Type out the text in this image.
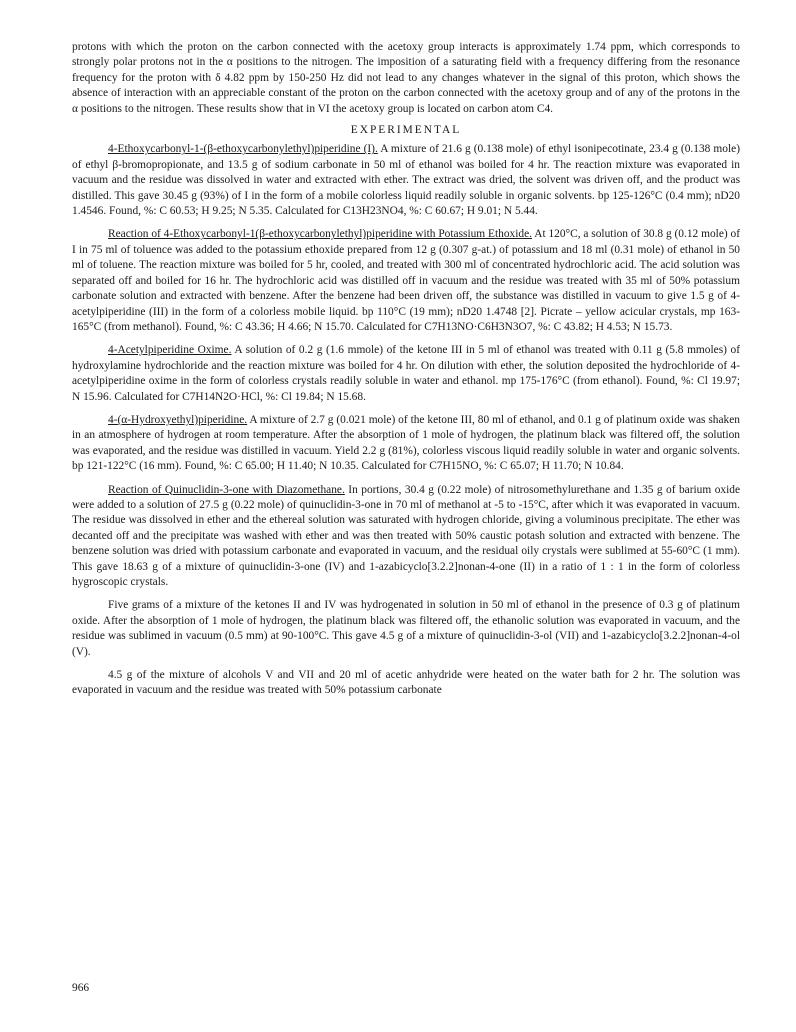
protons with which the proton on the carbon connected with the acetoxy group interacts is approximately 1.74 ppm, which corresponds to strongly polar protons not in the α positions to the nitrogen. The imposition of a saturating field with a frequency differing from the resonance frequency for the proton with δ 4.82 ppm by 150-250 Hz did not lead to any changes whatever in the signal of this proton, which shows the absence of interaction with an appreciable constant of the proton on the carbon connected with the acetoxy group and of any of the protons in the α positions to the nitrogen. These results show that in VI the acetoxy group is located on carbon atom C4.

EXPERIMENTAL

4-Ethoxycarbonyl-1-(β-ethoxycarbonylethyl)piperidine (I). A mixture of 21.6 g (0.138 mole) of ethyl isonipecotinate, 23.4 g (0.138 mole) of ethyl β-bromopropionate, and 13.5 g of sodium carbonate in 50 ml of ethanol was boiled for 4 hr. The reaction mixture was evaporated in vacuum and the residue was dissolved in water and extracted with ether. The extract was dried, the solvent was driven off, and the product was distilled. This gave 30.45 g (93%) of I in the form of a mobile colorless liquid readily soluble in organic solvents. bp 125-126°C (0.4 mm); nD20 1.4546. Found, %: C 60.53; H 9.25; N 5.35. Calculated for C13H23NO4, %: C 60.67; H 9.01; N 5.44.

Reaction of 4-Ethoxycarbonyl-1(β-ethoxycarbonylethyl)piperidine with Potassium Ethoxide. At 120°C, a solution of 30.8 g (0.12 mole) of I in 75 ml of toluence was added to the potassium ethoxide prepared from 12 g (0.307 g-at.) of potassium and 18 ml (0.31 mole) of ethanol in 50 ml of toluene. The reaction mixture was boiled for 5 hr, cooled, and treated with 300 ml of concentrated hydrochloric acid. The acid solution was separated off and boiled for 16 hr. The hydrochloric acid was distilled off in vacuum and the residue was treated with 35 ml of 50% potassium carbonate solution and extracted with benzene. After the benzene had been driven off, the substance was distilled in vacuum to give 1.5 g of 4-acetylpiperidine (III) in the form of a colorless mobile liquid. bp 110°C (19 mm); nD20 1.4748 [2]. Picrate – yellow acicular crystals, mp 163-165°C (from methanol). Found, %: C 43.36; H 4.66; N 15.70. Calculated for C7H13NO·C6H3N3O7, %: C 43.82; H 4.53; N 15.73.

4-Acetylpiperidine Oxime. A solution of 0.2 g (1.6 mmole) of the ketone III in 5 ml of ethanol was treated with 0.11 g (5.8 mmoles) of hydroxylamine hydrochloride and the reaction mixture was boiled for 4 hr. On dilution with ether, the solution deposited the hydrochloride of 4-acetylpiperidine oxime in the form of colorless crystals readily soluble in water and ethanol. mp 175-176°C (from ethanol). Found, %: Cl 19.97; N 15.96. Calculated for C7H14N2O·HCl, %: Cl 19.84; N 15.68.

4-(α-Hydroxyethyl)piperidine. A mixture of 2.7 g (0.021 mole) of the ketone III, 80 ml of ethanol, and 0.1 g of platinum oxide was shaken in an atmosphere of hydrogen at room temperature. After the absorption of 1 mole of hydrogen, the platinum black was filtered off, the solution was evaporated, and the residue was distilled in vacuum. Yield 2.2 g (81%), colorless viscous liquid readily soluble in water and organic solvents. bp 121-122°C (16 mm). Found, %: C 65.00; H 11.40; N 10.35. Calculated for C7H15NO, %: C 65.07; H 11.70; N 10.84.

Reaction of Quinuclidin-3-one with Diazomethane. In portions, 30.4 g (0.22 mole) of nitrosomethylurethane and 1.35 g of barium oxide were added to a solution of 27.5 g (0.22 mole) of quinuclidin-3-one in 70 ml of methanol at -5 to -15°C, after which it was evaporated in vacuum. The residue was dissolved in ether and the ethereal solution was saturated with hydrogen chloride, giving a voluminous precipitate. The ether was decanted off and the precipitate was washed with ether and was then treated with 50% caustic potash solution and extracted with benzene. The benzene solution was dried with potassium carbonate and evaporated in vacuum, and the residual oily crystals were sublimed at 55-60°C (1 mm). This gave 18.63 g of a mixture of quinuclidin-3-one (IV) and 1-azabicyclo[3.2.2]nonan-4-one (II) in a ratio of 1 : 1 in the form of colorless hygroscopic crystals.

Five grams of a mixture of the ketones II and IV was hydrogenated in solution in 50 ml of ethanol in the presence of 0.3 g of platinum oxide. After the absorption of 1 mole of hydrogen, the platinum black was filtered off, the ethanolic solution was evaporated in vacuum, and the residue was sublimed in vacuum (0.5 mm) at 90-100°C. This gave 4.5 g of a mixture of quinuclidin-3-ol (VII) and 1-azabicyclo[3.2.2]nonan-4-ol (V).

4.5 g of the mixture of alcohols V and VII and 20 ml of acetic anhydride were heated on the water bath for 2 hr. The solution was evaporated in vacuum and the residue was treated with 50% potassium carbonate

966
